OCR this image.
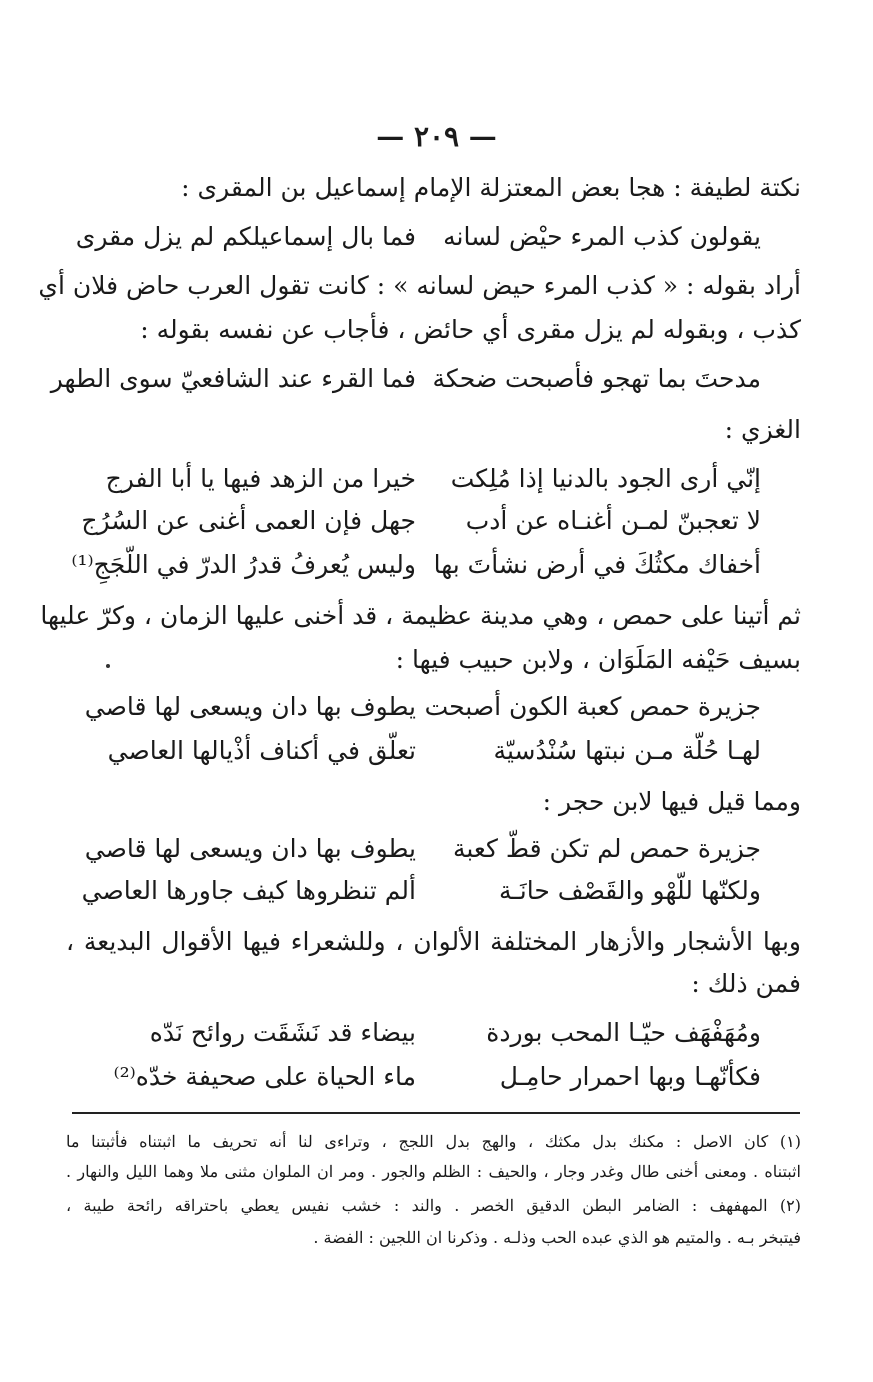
— ٢٠٩ —
نكتة لطيفة : هجا بعض المعتزلة الإمام إسماعيل بن المقرى :
يقولون كذب المرء حيْض لسانه
فما بال إسماعيلكم لم يزل مقرى
أراد بقوله : « كذب المرء حيض لسانه » : كانت تقول العرب حاض فلان أي
كذب ، وبقوله لم يزل مقرى أي حائض ، فأجاب عن نفسه بقوله :
مدحتَ بما تهجو فأصبحت ضحكة
فما القرء عند الشافعيّ سوى الطهر
الغزي :
إنّي أرى الجود بالدنيا إذا مُلِكت
خيرا من الزهد فيها يا أبا الفرج
لا تعجبنّ لمـن أغنـاه عن أدب
جهل فإن العمى أغنى عن السُرُج
أخفاك مكثُكَ في أرض نشأتَ بها
وليس يُعرفُ قدرُ الدرّ في اللّجَجِ⁽¹⁾
ثم أتينا على حمص ، وهي مدينة عظيمة ، قد أخنى عليها الزمان ، وكرّ عليها
بسيف حَيْفه المَلَوَان ، ولابن حبيب فيها :
جزيرة حمص كعبة الكون أصبحت
يطوف بها دان ويسعى لها قاصي
لهـا حُلّة مـن نبتها سُنْدُسيّة
تعلّق في أكناف أذْيالها العاصي
ومما قيل فيها لابن حجر :
جزيرة حمص لم تكن قطّ كعبة
يطوف بها دان ويسعى لها قاصي
ولكنّها للّهْو والقَصْف حانَـة
ألم تنظروها كيف جاورها العاصي
وبها الأشجار والأزهار المختلفة الألوان ، وللشعراء فيها الأقوال البديعة ،
فمن ذلك :
ومُهَفْهَف حيّـا المحب بوردة
بيضاء قد نَشَقَت روائح نَدّه
فكأنّهـا وبها احمرار حامِـل
ماء الحياة على صحيفة خدّه⁽²⁾
(١) كان الاصل : مكنك بدل مكثك ، والهج بدل اللجج ، وتراءى لنا أنه تحريف ما اثبتناه فأثبتنا ما
اثبتناه . ومعنى أخنى طال وغدر وجار ، والحيف : الظلم والجور . ومر ان الملوان مثنى ملا وهما الليل والنهار .
(٢) المهفهف : الضامر البطن الدقيق الخصر . والند : خشب نفيس يعطي باحتراقه رائحة طيبة ،
فيتبخر بـه . والمتيم هو الذي عبده الحب وذلـه . وذكرنا ان اللجين : الفضة .
